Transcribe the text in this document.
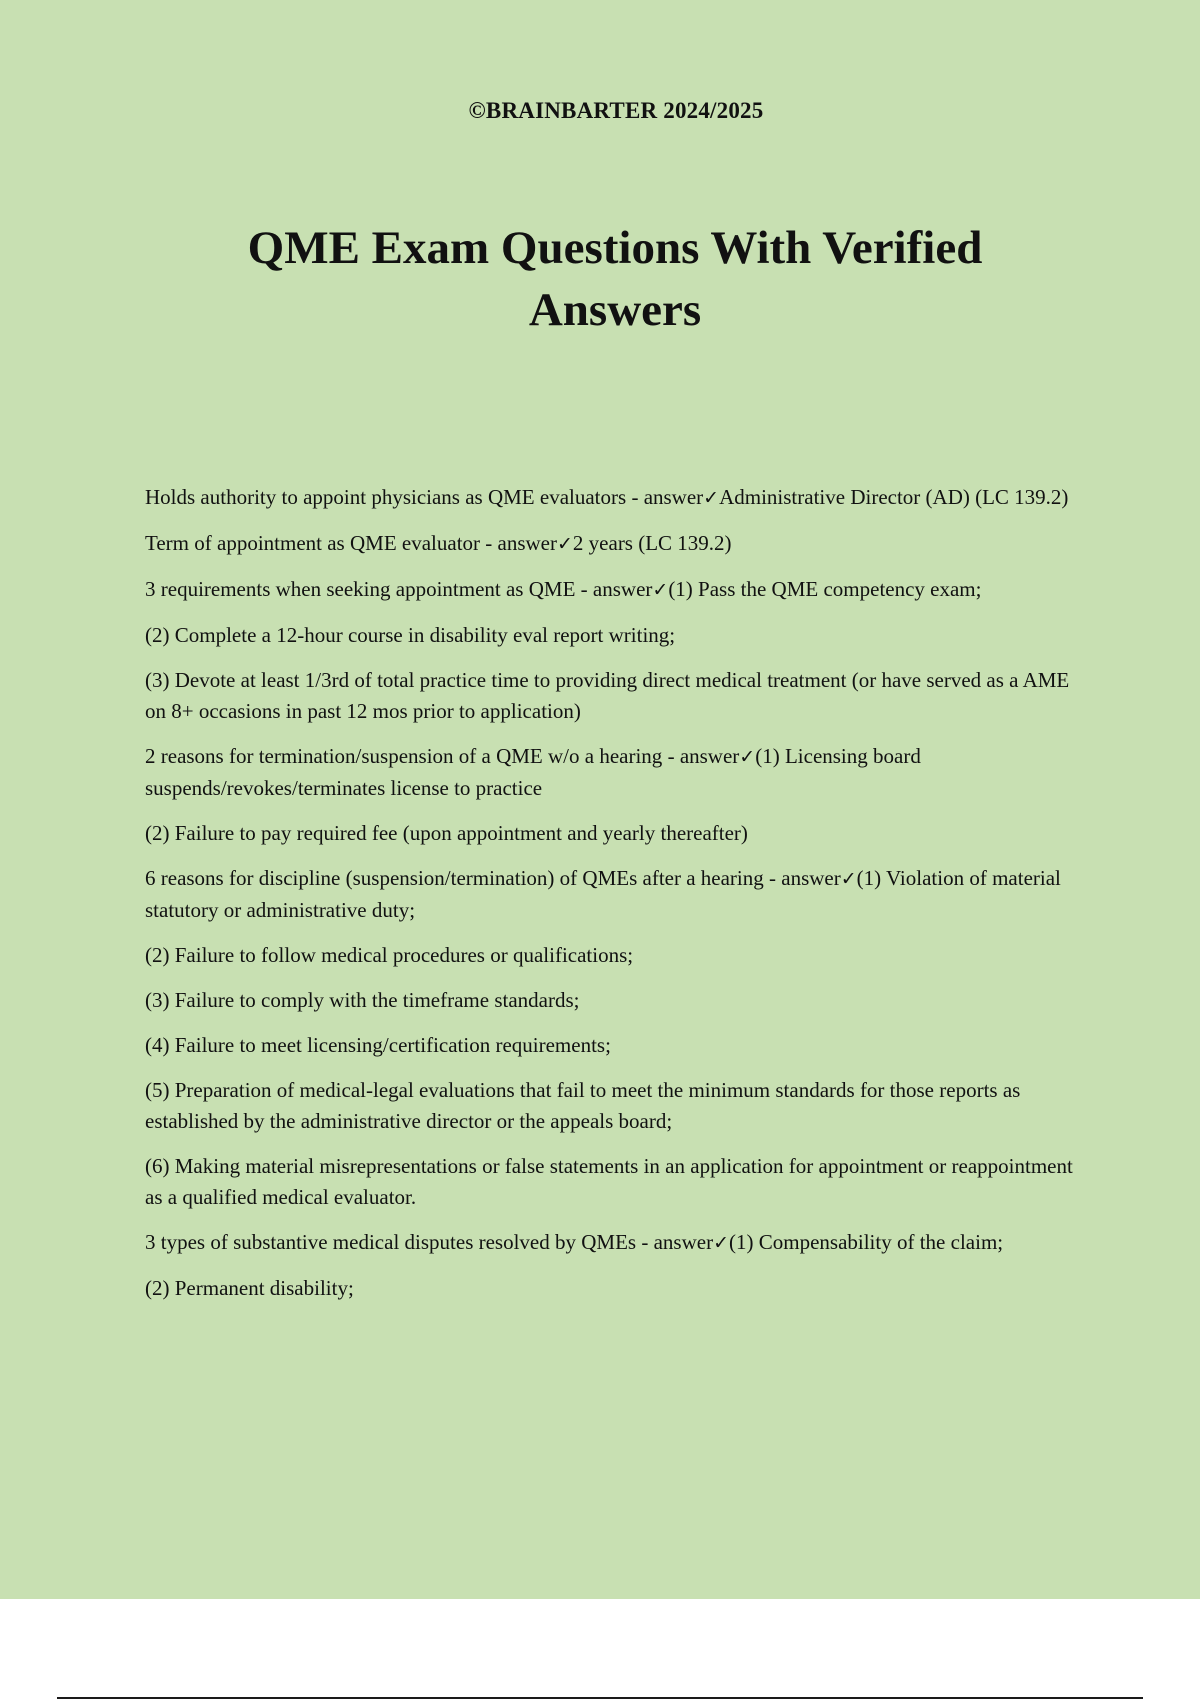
©BRAINBARTER 2024/2025
QME Exam Questions With Verified Answers

Holds authority to appoint physicians as QME evaluators - answer✓Administrative Director (AD) (LC 139.2)

Term of appointment as QME evaluator - answer✓2 years (LC 139.2)

3 requirements when seeking appointment as QME - answer✓(1) Pass the QME competency exam;

(2) Complete a 12-hour course in disability eval report writing;

(3) Devote at least 1/3rd of total practice time to providing direct medical treatment (or have served as a AME on 8+ occasions in past 12 mos prior to application)

2 reasons for termination/suspension of a QME w/o a hearing - answer✓(1) Licensing board suspends/revokes/terminates license to practice

(2) Failure to pay required fee (upon appointment and yearly thereafter)

6 reasons for discipline (suspension/termination) of QMEs after a hearing - answer✓(1) Violation of material statutory or administrative duty;

(2) Failure to follow medical procedures or qualifications;

(3) Failure to comply with the timeframe standards;

(4) Failure to meet licensing/certification requirements;

(5) Preparation of medical-legal evaluations that fail to meet the minimum standards for those reports as established by the administrative director or the appeals board;

(6) Making material misrepresentations or false statements in an application for appointment or reappointment as a qualified medical evaluator.

3 types of substantive medical disputes resolved by QMEs - answer✓(1) Compensability of the claim;

(2) Permanent disability;
